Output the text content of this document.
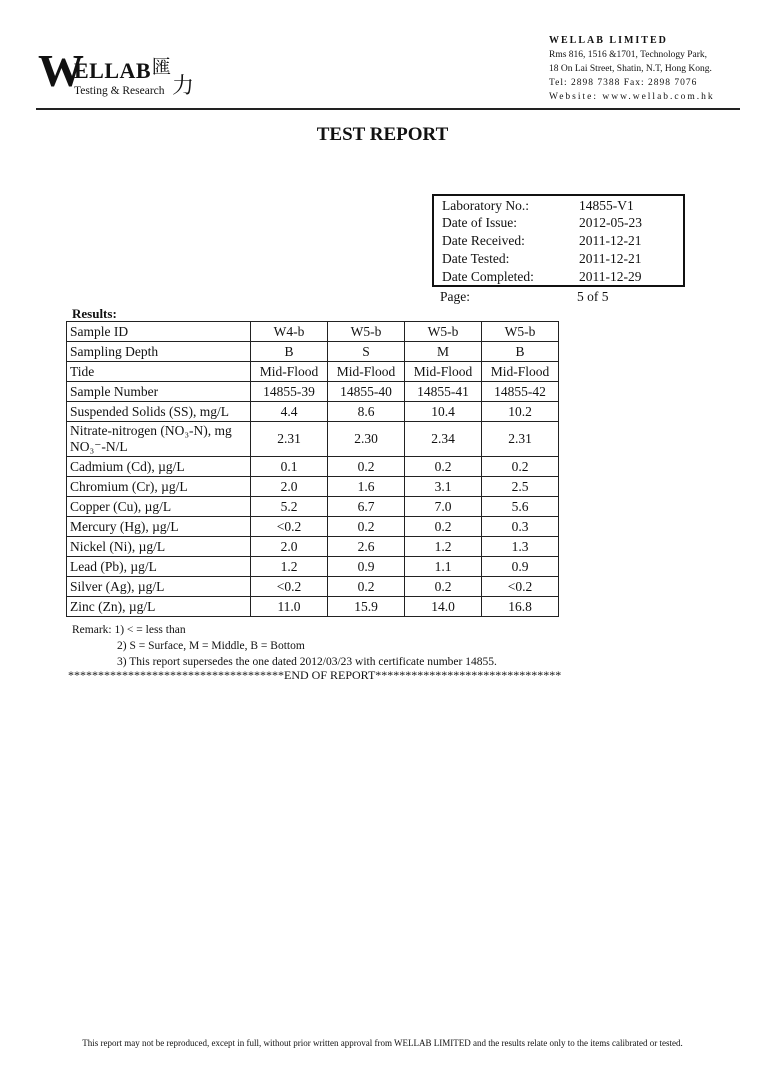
W
ELLAB 匯
Testing & Research 力
WELLAB LIMITED
Rms 816, 1516 &1701, Technology Park,
18 On Lai Street, Shatin, N.T, Hong Kong.
Tel: 2898 7388 Fax: 2898 7076
Website: www.wellab.com.hk
TEST REPORT
Laboratory No.:	14855-V1
Date of Issue:	2012-05-23
Date Received:	2011-12-21
Date Tested:	2011-12-21
Date Completed:	2011-12-29
Page:	5 of 5
Results:
Sample ID	W4-b	W5-b	W5-b	W5-b
Sampling Depth	B	S	M	B
Tide	Mid-Flood	Mid-Flood	Mid-Flood	Mid-Flood
Sample Number	14855-39	14855-40	14855-41	14855-42
Suspended Solids (SS), mg/L	4.4	8.6	10.4	10.2
Nitrate-nitrogen (NO₃-N), mg NO₃⁻-N/L	2.31	2.30	2.34	2.31
Cadmium (Cd), µg/L	0.1	0.2	0.2	0.2
Chromium (Cr), µg/L	2.0	1.6	3.1	2.5
Copper (Cu), µg/L	5.2	6.7	7.0	5.6
Mercury (Hg), µg/L	<0.2	0.2	0.2	0.3
Nickel (Ni), µg/L	2.0	2.6	1.2	1.3
Lead (Pb), µg/L	1.2	0.9	1.1	0.9
Silver (Ag), µg/L	<0.2	0.2	0.2	<0.2
Zinc (Zn), µg/L	11.0	15.9	14.0	16.8
Remark: 1) < = less than
2) S = Surface, M = Middle, B = Bottom
3) This report supersedes the one dated 2012/03/23 with certificate number 14855.
************************************END OF REPORT*******************************
This report may not be reproduced, except in full, without prior written approval from WELLAB LIMITED and the results relate only to the items calibrated or tested.
